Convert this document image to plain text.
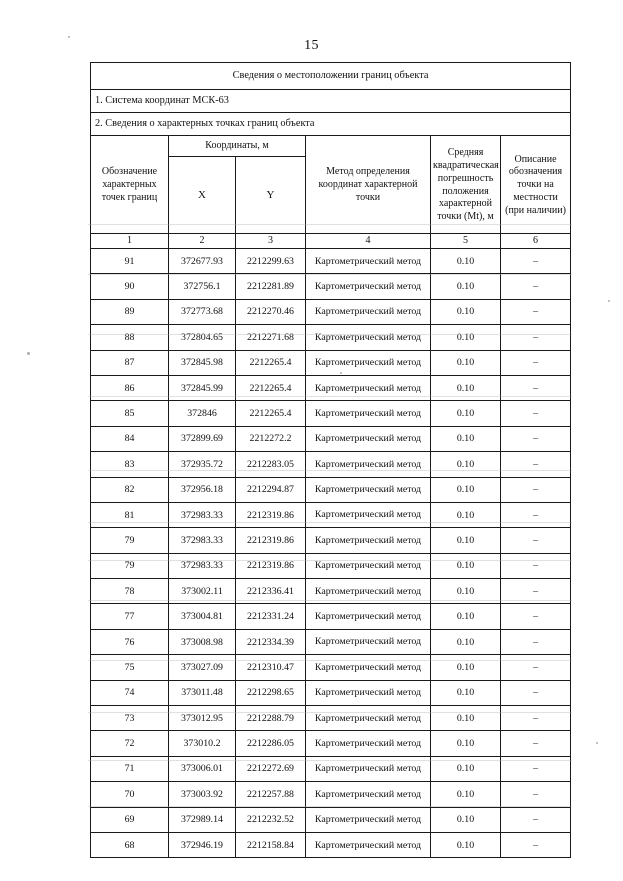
15
Сведения о местоположении границ объекта					
1. Система координат МСК-63					
2. Сведения о характерных точках границ объекта					
Обозначение характерных точек границ	Координаты, м		Метод определения координат характерной точки	Средняя квадратическая погрешность положения характерной точки (Мt), м	Описание обозначения точки на местности (при наличии)
	X	Y			
1	2	3	4	5	6
91	372677.93	2212299.63	Картометрический метод	0.10	–
90	372756.1	2212281.89	Картометрический метод	0.10	–
89	372773.68	2212270.46	Картометрический метод	0.10	–
88	372804.65	2212271.68	Картометрический метод	0.10	–
87	372845.98	2212265.4	Картометрический метод	0.10	–
86	372845.99	2212265.4	Картометрический метод	0.10	–
85	372846	2212265.4	Картометрический метод	0.10	–
84	372899.69	2212272.2	Картометрический метод	0.10	–
83	372935.72	2212283.05	Картометрический метод	0.10	–
82	372956.18	2212294.87	Картометрический метод	0.10	–
81	372983.33	2212319.86	Картометрический метод	0.10	–
79	372983.33	2212319.86	Картометрический метод	0.10	–
79	372983.33	2212319.86	Картометрический метод	0.10	–
78	373002.11	2212336.41	Картометрический метод	0.10	–
77	373004.81	2212331.24	Картометрический метод	0.10	–
76	373008.98	2212334.39	Картометрический метод	0.10	–
75	373027.09	2212310.47	Картометрический метод	0.10	–
74	373011.48	2212298.65	Картометрический метод	0.10	–
73	373012.95	2212288.79	Картометрический метод	0.10	–
72	373010.2	2212286.05	Картометрический метод	0.10	–
71	373006.01	2212272.69	Картометрический метод	0.10	–
70	373003.92	2212257.88	Картометрический метод	0.10	–
69	372989.14	2212232.52	Картометрический метод	0.10	–
68	372946.19	2212158.84	Картометрический метод	0.10	–
